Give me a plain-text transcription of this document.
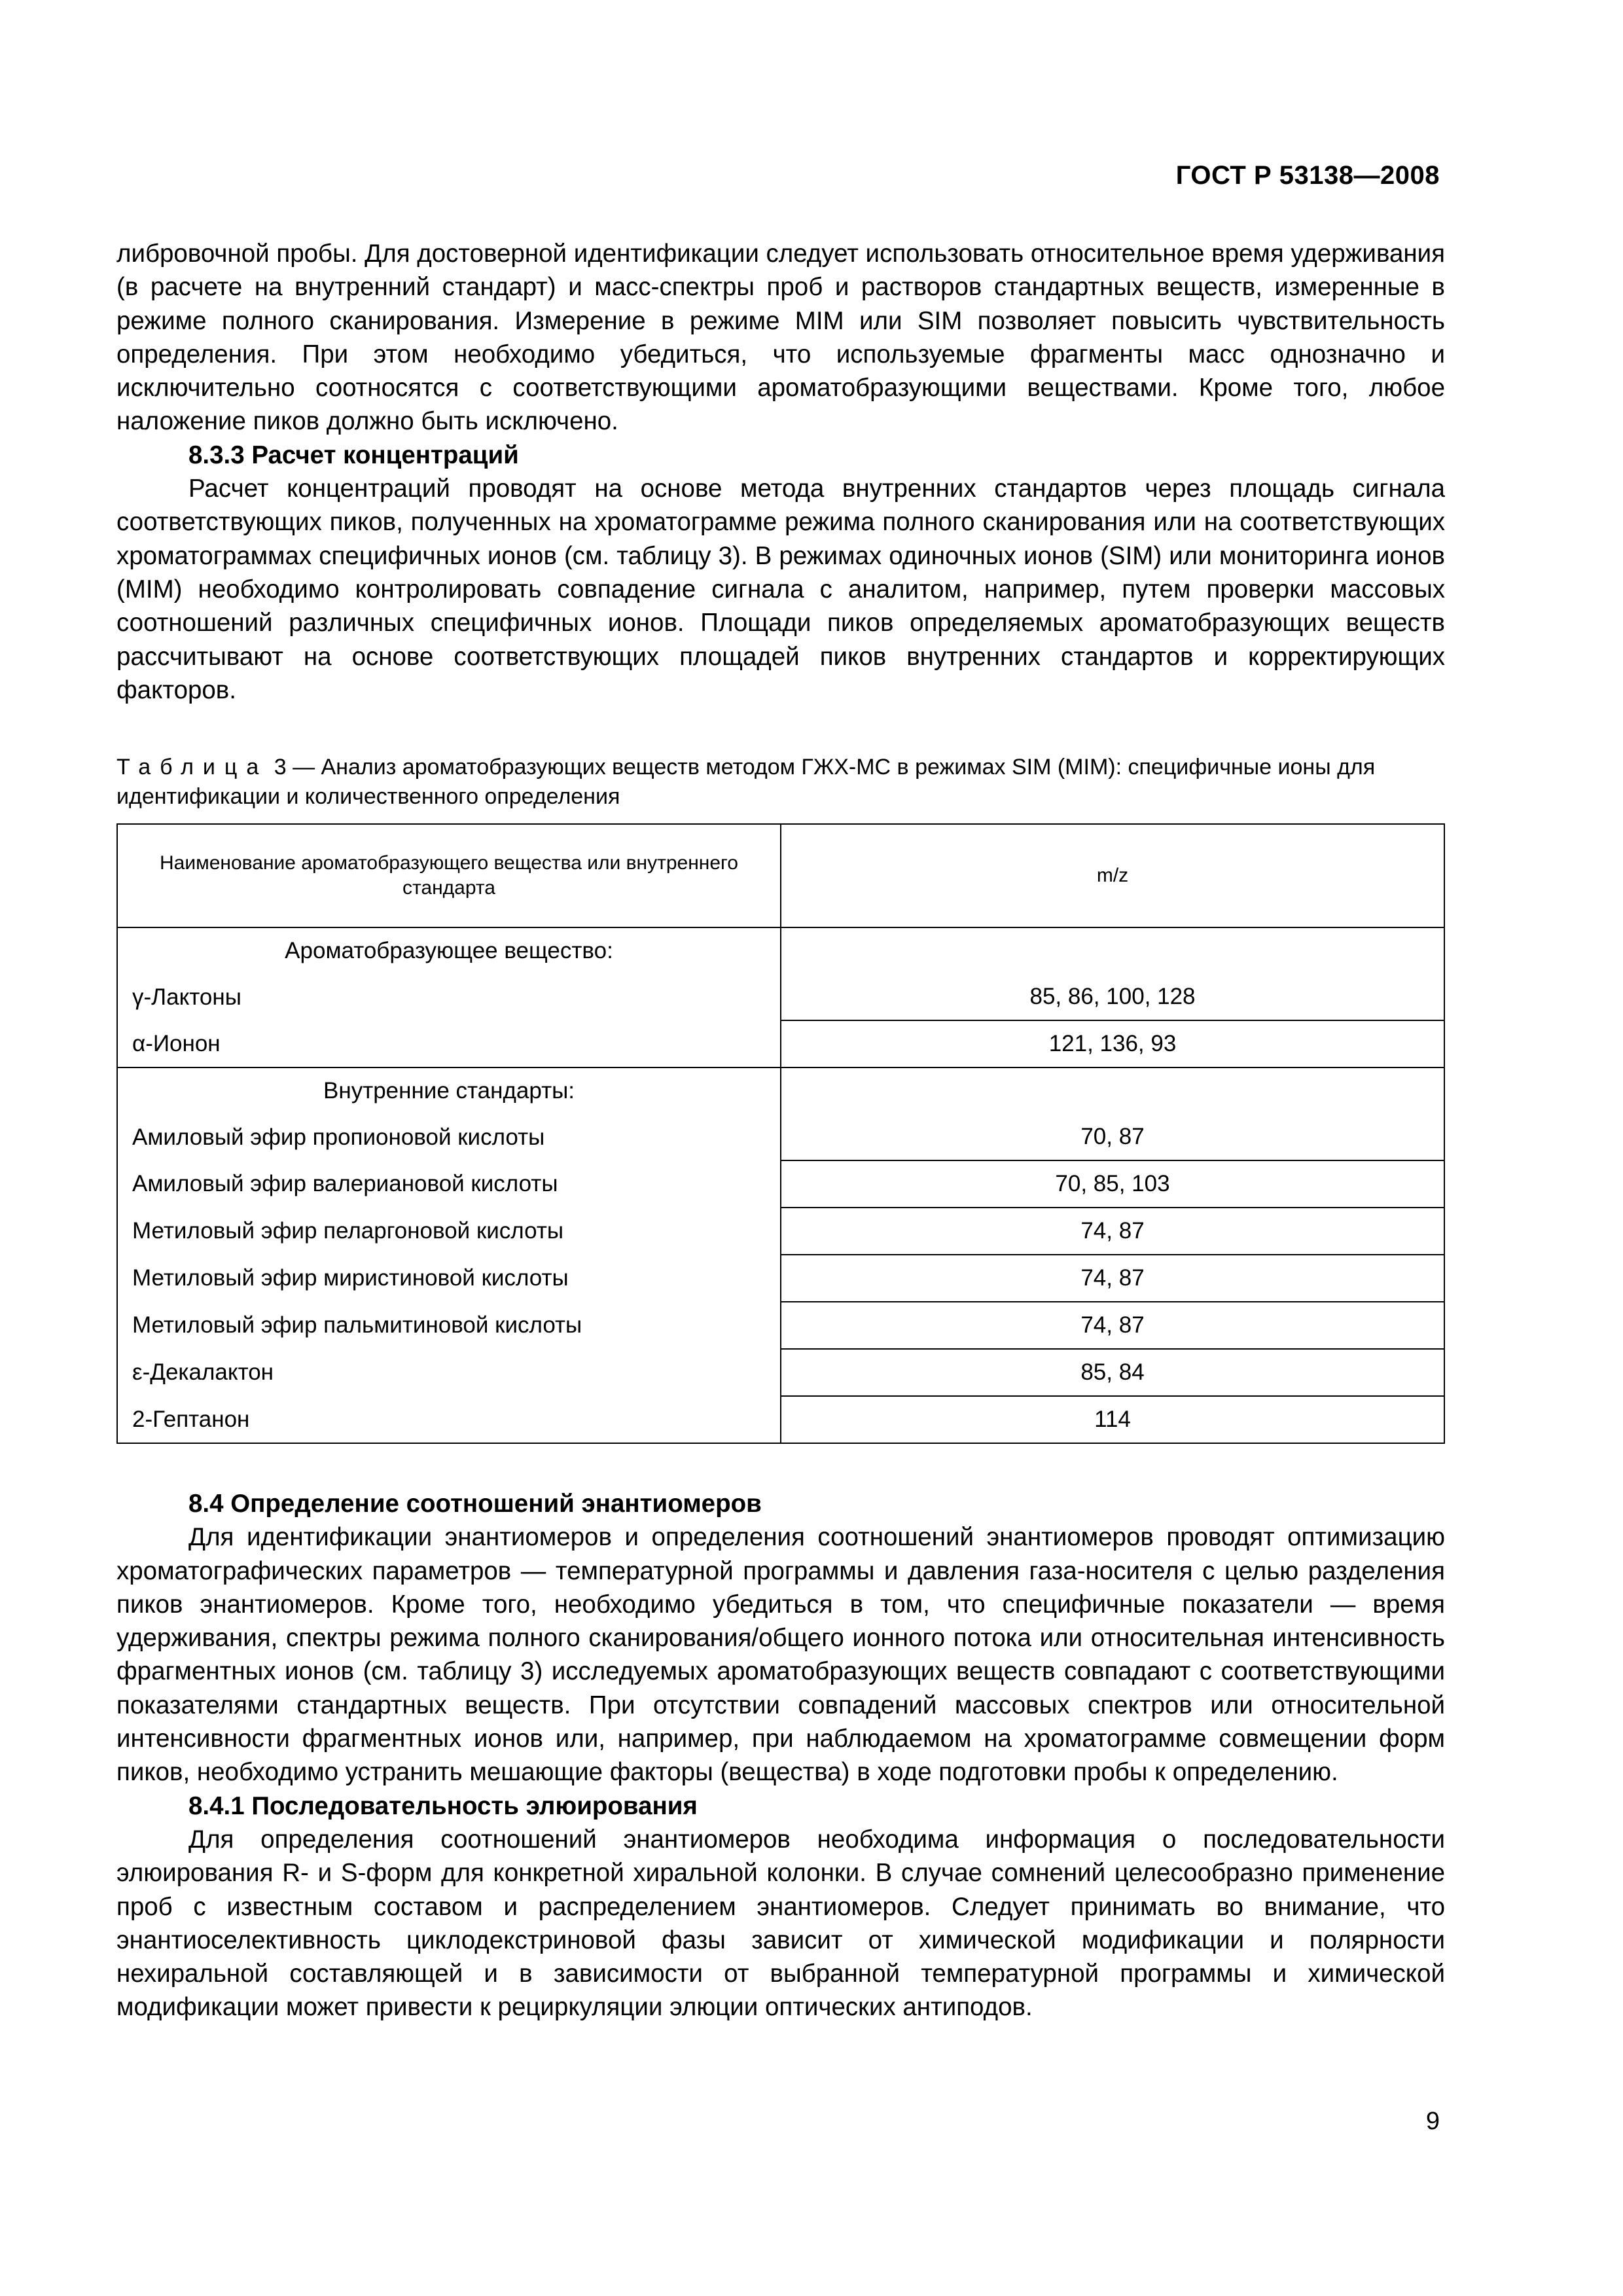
ГОСТ Р 53138—2008

либровочной пробы. Для достоверной идентификации следует использовать относительное время удерживания (в расчете на внутренний стандарт) и масс-спектры проб и растворов стандартных веществ, измеренные в режиме полного сканирования. Измерение в режиме MIM или SIM позволяет повысить чувствительность определения. При этом необходимо убедиться, что используемые фрагменты масс однозначно и исключительно соотносятся с соответствующими ароматобразующими веществами. Кроме того, любое наложение пиков должно быть исключено.

8.3.3 Расчет концентраций

Расчет концентраций проводят на основе метода внутренних стандартов через площадь сигнала соответствующих пиков, полученных на хроматограмме режима полного сканирования или на соответствующих хроматограммах специфичных ионов (см. таблицу 3). В режимах одиночных ионов (SIM) или мониторинга ионов (MIM) необходимо контролировать совпадение сигнала с аналитом, например, путем проверки массовых соотношений различных специфичных ионов. Площади пиков определяемых ароматобразующих веществ рассчитывают на основе соответствующих площадей пиков внутренних стандартов и корректирующих факторов.

Таблица 3 — Анализ ароматобразующих веществ методом ГЖХ-МС в режимах SIM (MIM): специфичные ионы для идентификации и количественного определения
Наименование ароматобразующего вещества или внутреннего стандарта	m/z
Ароматобразующее вещество:	
γ-Лактоны	85, 86, 100, 128
α-Ионон	121, 136, 93
Внутренние стандарты:	
Амиловый эфир пропионовой кислоты	70, 87
Амиловый эфир валериановой кислоты	70, 85, 103
Метиловый эфир пеларгоновой кислоты	74, 87
Метиловый эфир миристиновой кислоты	74, 87
Метиловый эфир пальмитиновой кислоты	74, 87
ε-Декалактон	85, 84
2-Гептанон	114

8.4 Определение соотношений энантиомеров

Для идентификации энантиомеров и определения соотношений энантиомеров проводят оптимизацию хроматографических параметров — температурной программы и давления газа-носителя с целью разделения пиков энантиомеров. Кроме того, необходимо убедиться в том, что специфичные показатели — время удерживания, спектры режима полного сканирования/общего ионного потока или относительная интенсивность фрагментных ионов (см. таблицу 3) исследуемых ароматобразующих веществ совпадают с соответствующими показателями стандартных веществ. При отсутствии совпадений массовых спектров или относительной интенсивности фрагментных ионов или, например, при наблюдаемом на хроматограмме совмещении форм пиков, необходимо устранить мешающие факторы (вещества) в ходе подготовки пробы к определению.

8.4.1 Последовательность элюирования

Для определения соотношений энантиомеров необходима информация о последовательности элюирования R- и S-форм для конкретной хиральной колонки. В случае сомнений целесообразно применение проб с известным составом и распределением энантиомеров. Следует принимать во внимание, что энантиоселективность циклодекстриновой фазы зависит от химической модификации и полярности нехиральной составляющей и в зависимости от выбранной температурной программы и химической модификации может привести к рециркуляции элюции оптических антиподов.

9
